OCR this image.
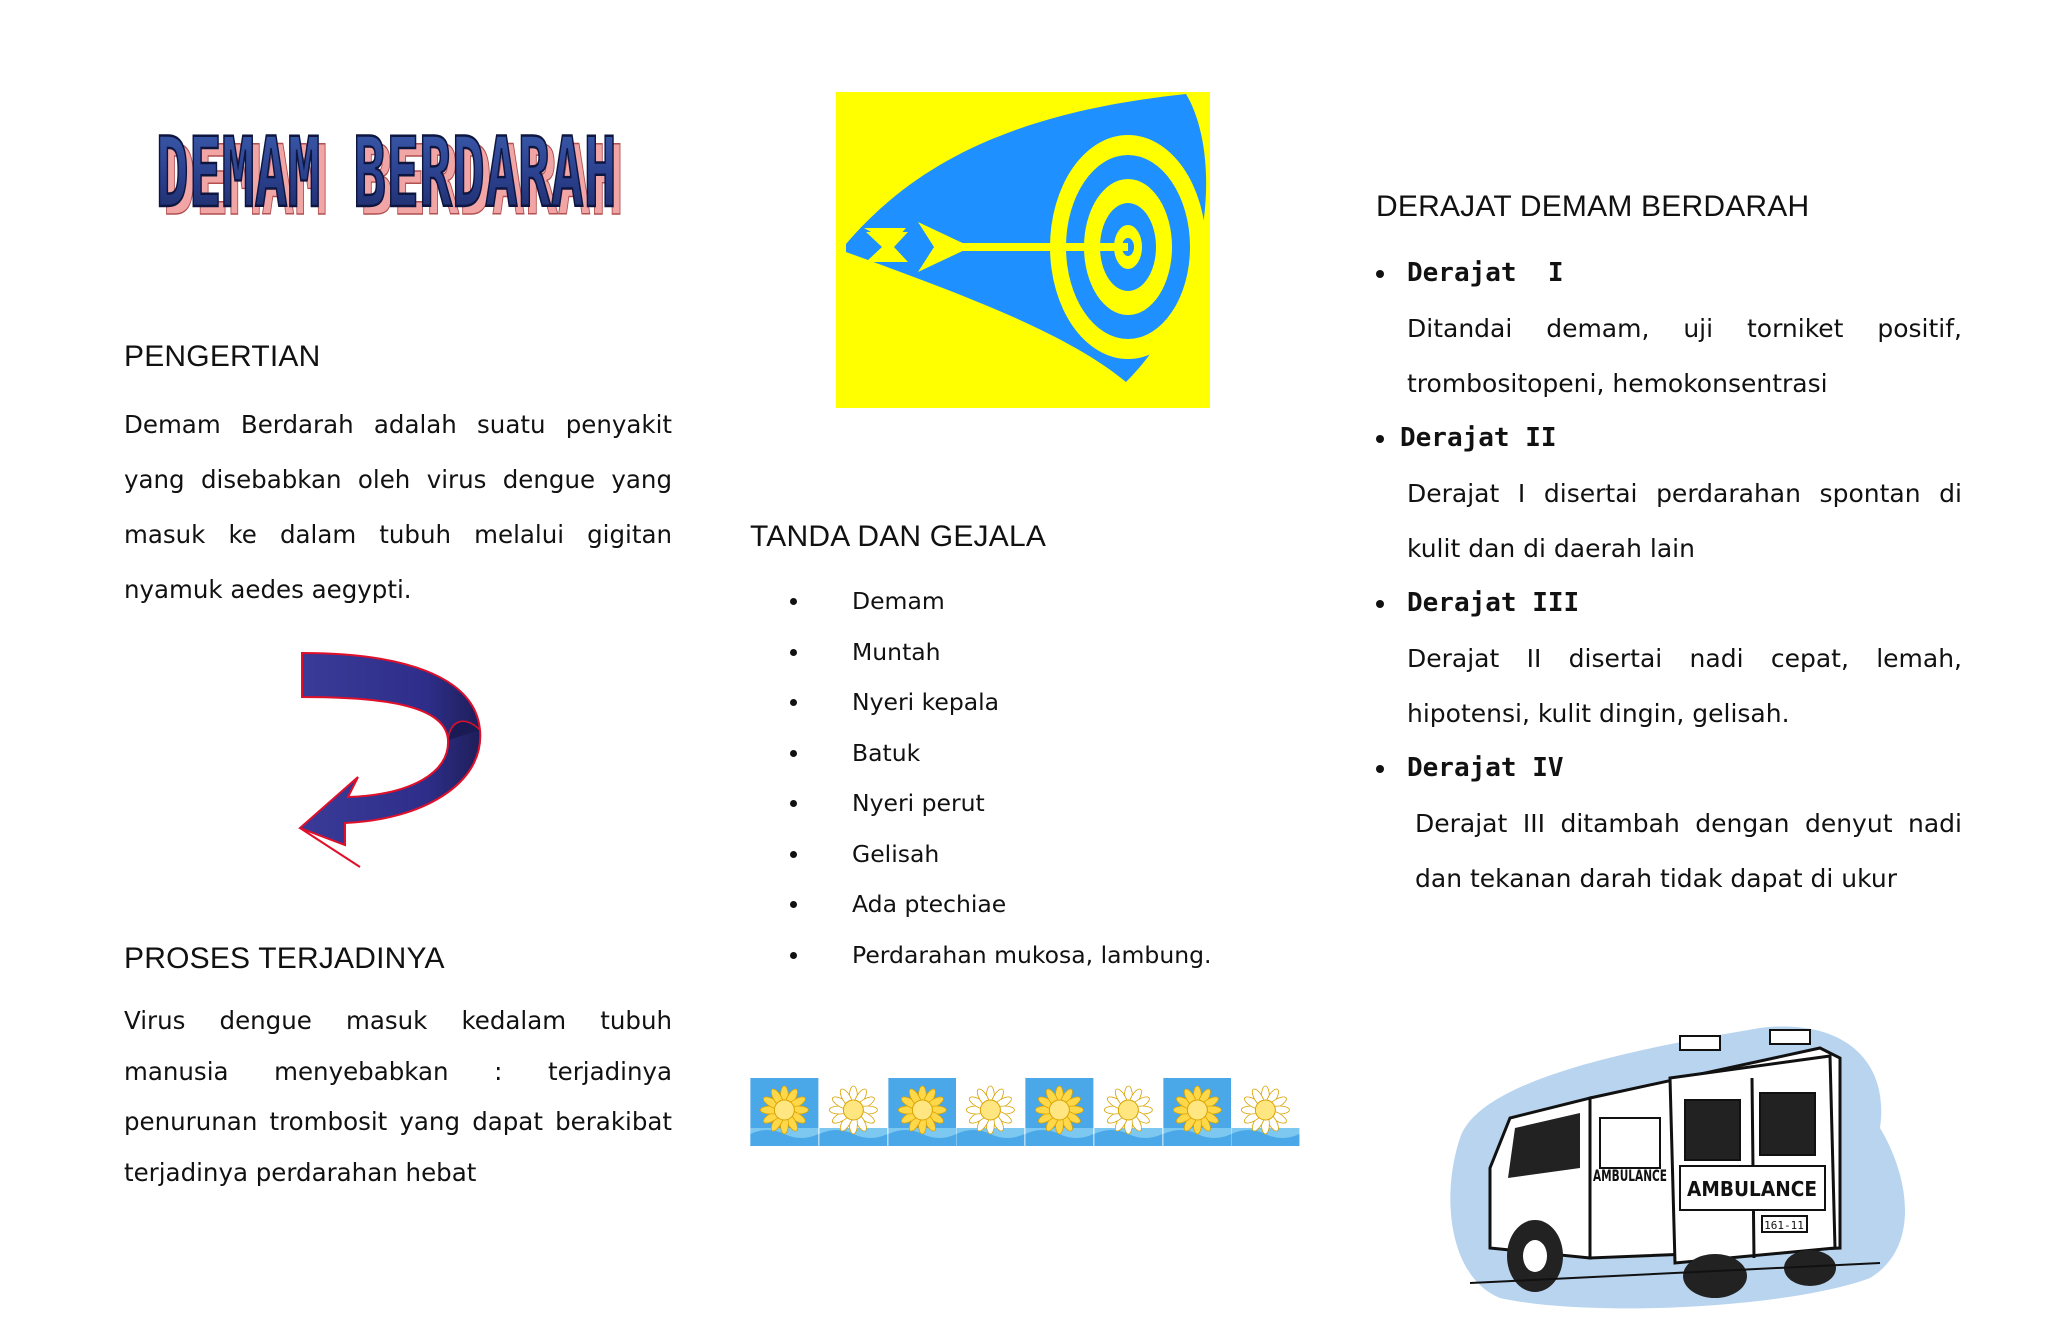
DEMAM BERDARAH
DEMAM BERDARAH
PENGERTIAN

Demam Berdarah adalah suatu penyakit yang disebabkan oleh virus dengue yang masuk ke dalam tubuh melalui gigitan nyamuk aedes aegypti.

PROSES TERJADINYA

Virus dengue masuk kedalam tubuh manusia menyebabkan : terjadinya penurunan trombosit yang dapat berakibat terjadinya perdarahan hebat

TANDA DAN GEJALA
Demam
Muntah
Nyeri kepala
Batuk
Nyeri perut
Gelisah
Ada ptechiae
Perdarahan mukosa, lambung.
DERAJAT DEMAM BERDARAH
Derajat  I

Ditandai demam, uji torniket positif, trombositopeni, hemokonsentrasi

Derajat II

Derajat I disertai perdarahan spontan di kulit dan di daerah lain

Derajat III

Derajat II disertai nadi cepat, lemah, hipotensi, kulit dingin, gelisah.

Derajat IV

Derajat III ditambah dengan denyut nadi dan tekanan darah tidak dapat di ukur

AMBULANCE
161-11
AMBULANCE
